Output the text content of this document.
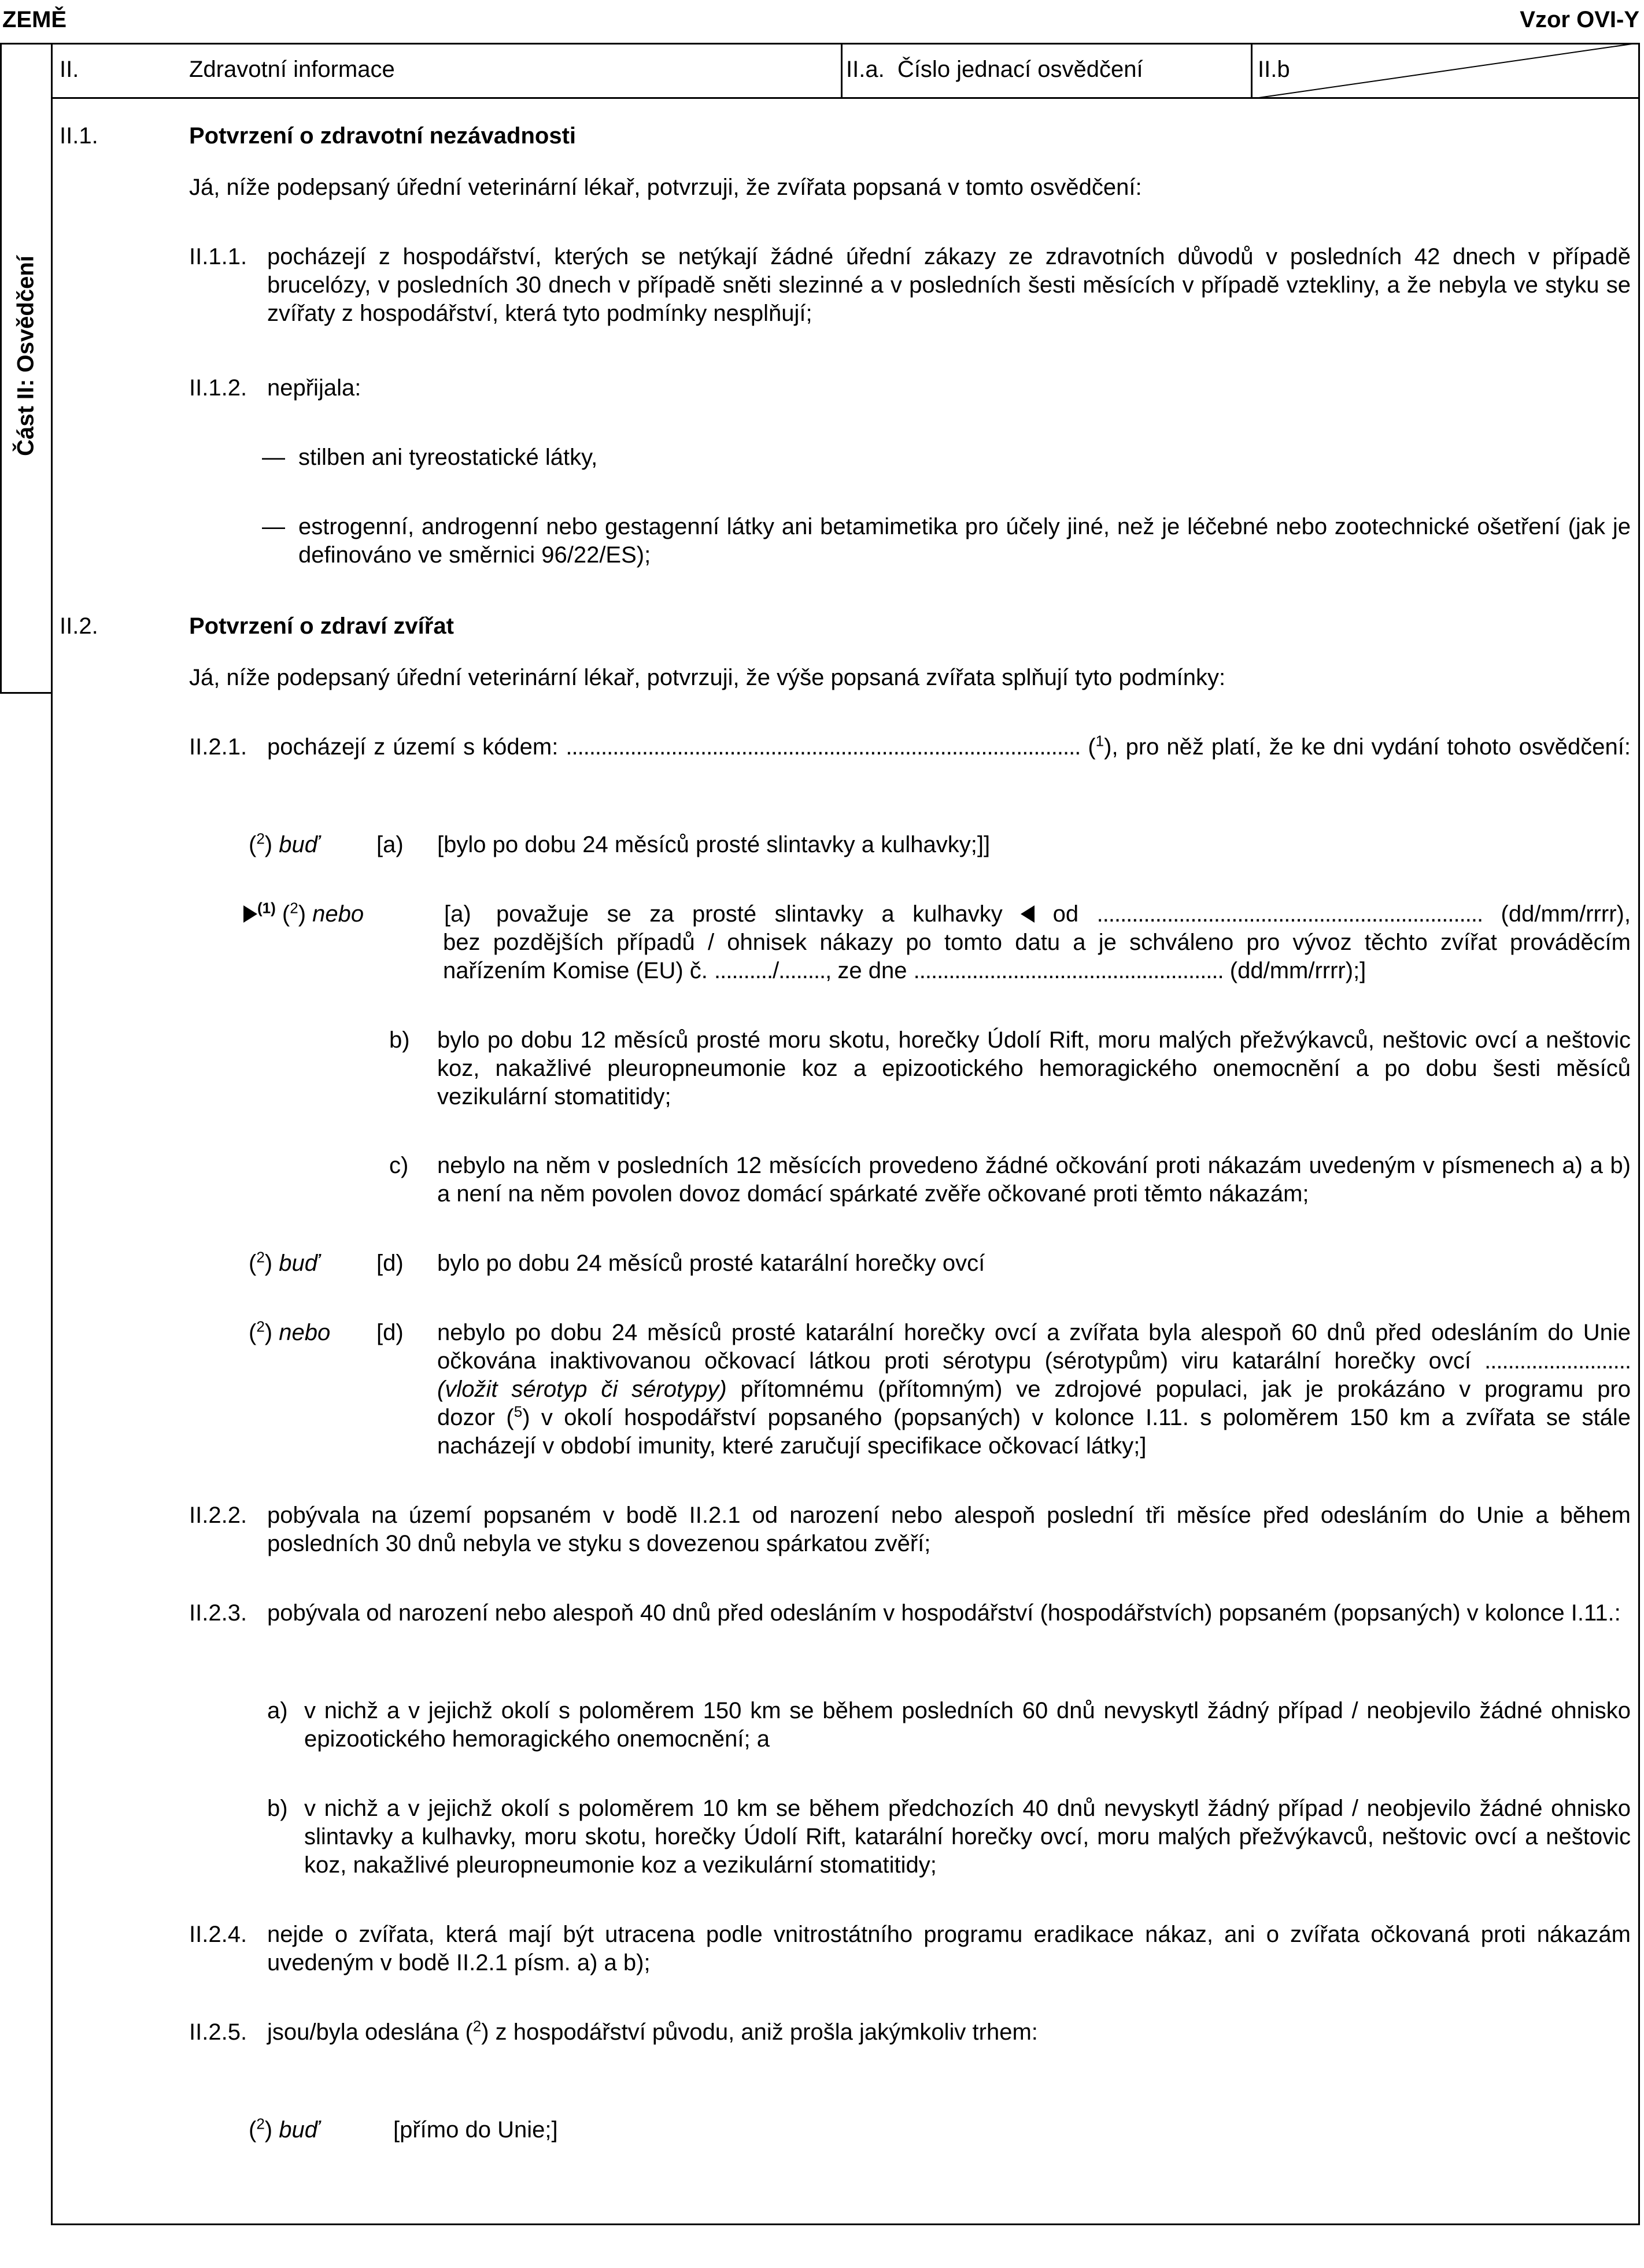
ZEMĚ	Vzor OVI-Y
Část II: Osvědčení
II.	Zdravotní informace	II.a.  Číslo jednací osvědčení	II.b
II.1.	Potvrzení o zdravotní nezávadnosti
Já, níže podepsaný úřední veterinární lékař, potvrzuji, že zvířata popsaná v tomto osvědčení:
II.1.1. pocházejí z hospodářství, kterých se netýkají žádné úřední zákazy ze zdravotních důvodů v posledních 42 dnech v případě brucelózy, v posledních 30 dnech v případě sněti slezinné a v posledních šesti měsících v případě vztekliny, a že nebyla ve styku se zvířaty z hospodářství, která tyto podmínky nesplňují;
II.1.2. nepřijala:
— stilben ani tyreostatické látky,
— estrogenní, androgenní nebo gestagenní látky ani betamimetika pro účely jiné, než je léčebné nebo zootechnické ošetření (jak je definováno ve směrnici 96/22/ES);
II.2.	Potvrzení o zdraví zvířat
Já, níže podepsaný úřední veterinární lékař, potvrzuji, že výše popsaná zvířata splňují tyto podmínky:
II.2.1. pocházejí z území s kódem: ........................................................................................ ($^1$), pro něž platí, že ke dni vydání tohoto osvědčení:
($^2$) buď [a) [bylo po dobu 24 měsíců prosté slintavky a kulhavky;]]
$^{(1)}$ ($^2$) nebo	[a) považuje se za prosté slintavky a kulhavky od .................................................................. (dd/mm/rrrr),
bez pozdějších případů / ohnisek nákazy po tomto datu a je schváleno pro vývoz těchto zvířat prováděcím
nařízením Komise (EU) č. ........../........, ze dne ..................................................... (dd/mm/rrrr);]
b) bylo po dobu 12 měsíců prosté moru skotu, horečky Údolí Rift, moru malých přežvýkavců, neštovic ovcí a neštovic koz, nakažlivé pleuropneumonie koz a epizootického hemoragického onemocnění a po dobu šesti měsíců vezikulární stomatitidy;
c) nebylo na něm v posledních 12 měsících provedeno žádné očkování proti nákazám uvedeným v písmenech a) a b) a není na něm povolen dovoz domácí spárkaté zvěře očkované proti těmto nákazám;
($^2$) buď [d) bylo po dobu 24 měsíců prosté katarální horečky ovcí
($^2$) nebo [d) nebylo po dobu 24 měsíců prosté katarální horečky ovcí a zvířata byla alespoň 60 dnů před odesláním do Unie
očkována inaktivovanou očkovací látkou proti sérotypu (sérotypům) viru katarální horečky ovcí .........................
(vložit sérotyp či sérotypy) přítomnému (přítomným) ve zdrojové populaci, jak je prokázáno v programu pro
dozor ($^5$) v okolí hospodářství popsaného (popsaných) v kolonce I.11. s poloměrem 150 km a zvířata se stále
nacházejí v období imunity, které zaručují specifikace očkovací látky;]
II.2.2. pobývala na území popsaném v bodě II.2.1 od narození nebo alespoň poslední tři měsíce před odesláním do Unie a během posledních 30 dnů nebyla ve styku s dovezenou spárkatou zvěří;
II.2.3. pobývala od narození nebo alespoň 40 dnů před odesláním v hospodářství (hospodářstvích) popsaném (popsaných) v kolonce I.11.:
a) v nichž a v jejichž okolí s poloměrem 150 km se během posledních 60 dnů nevyskytl žádný případ / neobjevilo žádné ohnisko epizootického hemoragického onemocnění; a
b) v nichž a v jejichž okolí s poloměrem 10 km se během předchozích 40 dnů nevyskytl žádný případ / neobjevilo žádné ohnisko slintavky a kulhavky, moru skotu, horečky Údolí Rift, katarální horečky ovcí, moru malých přežvýkavců, neštovic ovcí a neštovic koz, nakažlivé pleuropneumonie koz a vezikulární stomatitidy;
II.2.4. nejde o zvířata, která mají být utracena podle vnitrostátního programu eradikace nákaz, ani o zvířata očkovaná proti nákazám uvedeným v bodě II.2.1 písm. a) a b);
II.2.5. jsou/byla odeslána ($^2$) z hospodářství původu, aniž prošla jakýmkoliv trhem:
($^2$) buď	[přímo do Unie;]
